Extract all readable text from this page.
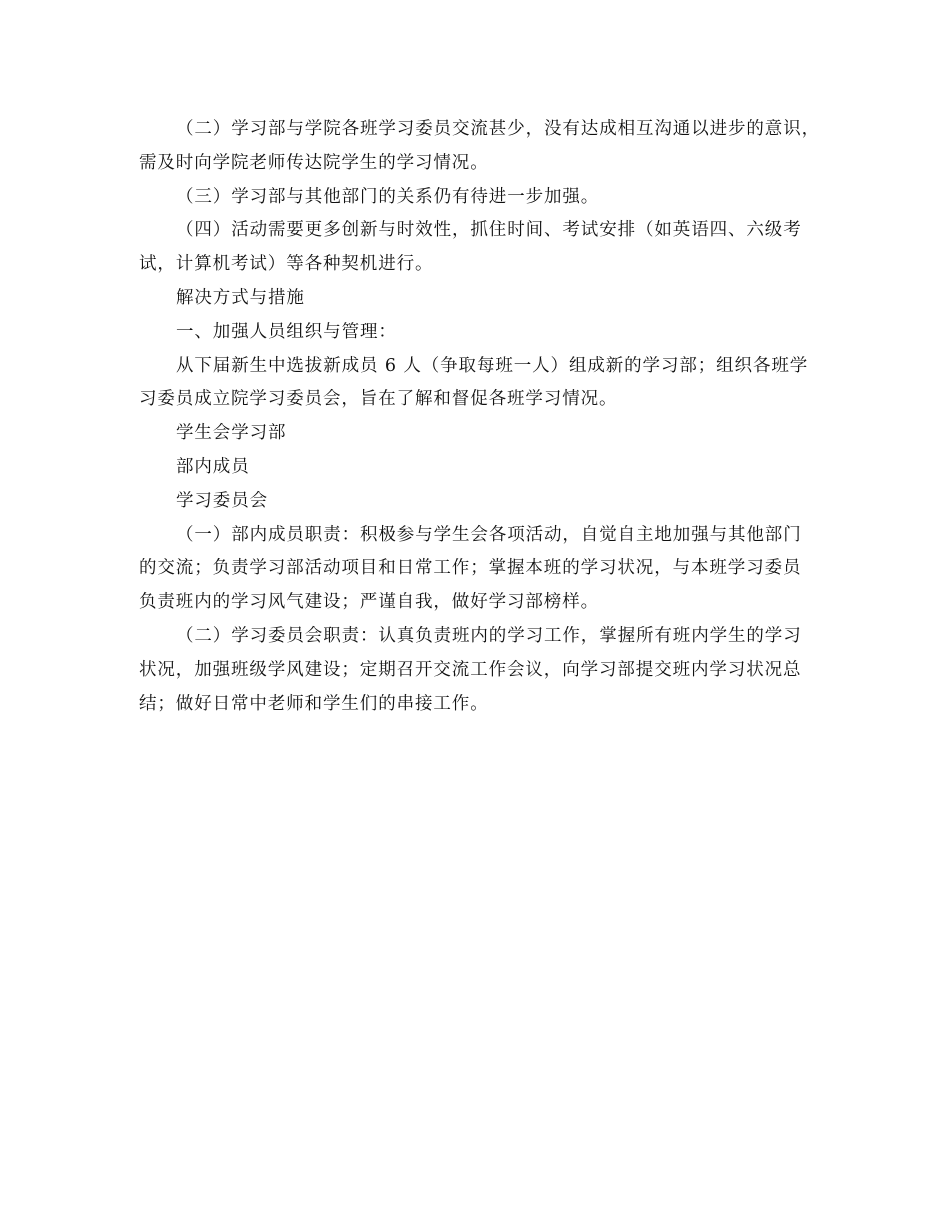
（二）学习部与学院各班学习委员交流甚少，没有达成相互沟通以进步的意识，
需及时向学院老师传达院学生的学习情况。

（三）学习部与其他部门的关系仍有待进一步加强。

（四）活动需要更多创新与时效性，抓住时间、考试安排（如英语四、六级考
试，计算机考试）等各种契机进行。

解决方式与措施

一、加强人员组织与管理：

从下届新生中选拔新成员 6 人（争取每班一人）组成新的学习部；组织各班学
习委员成立院学习委员会，旨在了解和督促各班学习情况。

学生会学习部

部内成员

学习委员会

（一）部内成员职责：积极参与学生会各项活动，自觉自主地加强与其他部门
的交流；负责学习部活动项目和日常工作；掌握本班的学习状况，与本班学习委员
负责班内的学习风气建设；严谨自我，做好学习部榜样。

（二）学习委员会职责：认真负责班内的学习工作，掌握所有班内学生的学习
状况，加强班级学风建设；定期召开交流工作会议，向学习部提交班内学习状况总
结；做好日常中老师和学生们的串接工作。
